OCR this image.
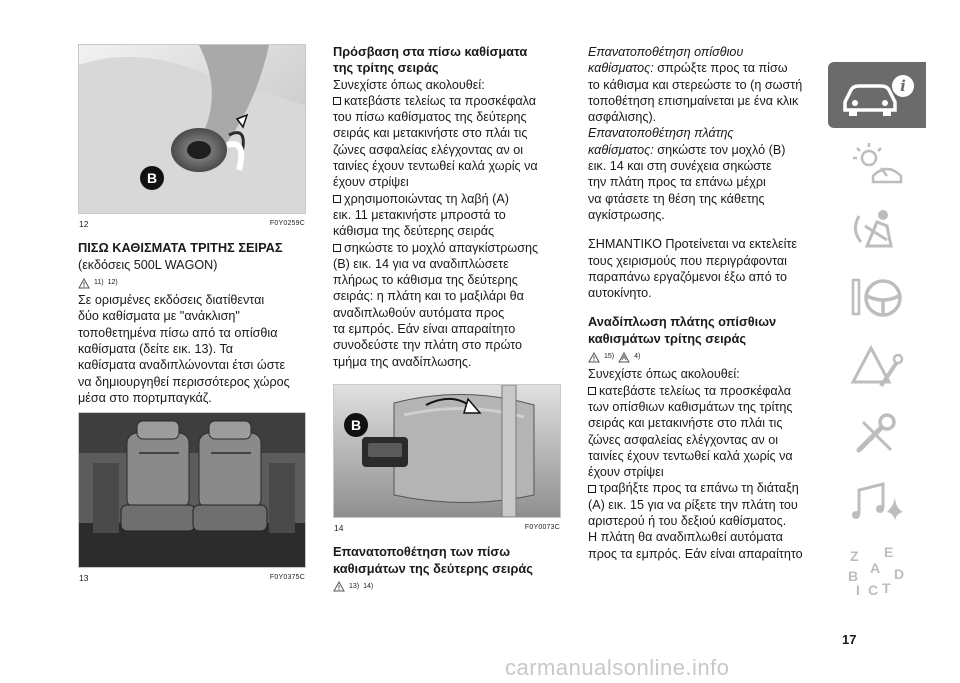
B
12	F0Y0259C
ΠΙΣΩ ΚΑΘΙΣΜΑΤΑ ΤΡΙΤΗΣ ΣΕΙΡΑΣ

(εκδόσεις 500L WAGON)

11) 12)

Σε ορισμένες εκδόσεις διατίθενται
δύο καθίσματα με "ανάκλιση"
τοποθετημένα πίσω από τα οπίσθια
καθίσματα (δείτε εικ. 13). Τα
καθίσματα αναδιπλώνονται έτσι ώστε
να δημιουργηθεί περισσότερος χώρος
μέσα στο πορτμπαγκάζ.

13	F0Y0375C
Πρόσβαση στα πίσω καθίσματα
της τρίτης σειράς

Συνεχίστε όπως ακολουθεί:

κατεβάστε τελείως τα προσκέφαλα
του πίσω καθίσματος της δεύτερης
σειράς και μετακινήστε στο πλάι τις
ζώνες ασφαλείας ελέγχοντας αν οι
ταινίες έχουν τεντωθεί καλά χωρίς να
έχουν στρίψει

χρησιμοποιώντας τη λαβή (A)
εικ. 11 μετακινήστε μπροστά το
κάθισμα της δεύτερης σειράς

σηκώστε το μοχλό απαγκίστρωσης
(B) εικ. 14 για να αναδιπλώσετε
πλήρως το κάθισμα της δεύτερης
σειράς: η πλάτη και το μαξιλάρι θα
αναδιπλωθούν αυτόματα προς
τα εμπρός. Εάν είναι απαραίτητο
συνοδεύστε την πλάτη στο πρώτο
τμήμα της αναδίπλωσης.

B
14	F0Y0073C
Επανατοποθέτηση των πίσω
καθισμάτων της δεύτερης σειράς
13) 14)

Επανατοποθέτηση οπίσθιου
καθίσματος: σπρώξτε προς τα πίσω
το κάθισμα και στερεώστε το (η σωστή
τοποθέτηση επισημαίνεται με ένα κλικ
ασφάλισης).

Επανατοποθέτηση πλάτης
καθίσματος: σηκώστε τον μοχλό (B)
εικ. 14 και στη συνέχεια σηκώστε
την πλάτη προς τα επάνω μέχρι
να φτάσετε τη θέση της κάθετης
αγκίστρωσης.

ΣΗΜΑΝΤΙΚΟ Προτείνεται να εκτελείτε
τους χειρισμούς που περιγράφονται
παραπάνω εργαζόμενοι έξω από το
αυτοκίνητο.

Αναδίπλωση πλάτης οπίσθιων
καθισμάτων τρίτης σειράς
15)	4)

Συνεχίστε όπως ακολουθεί:

κατεβάστε τελείως τα προσκέφαλα
των οπίσθιων καθισμάτων της τρίτης
σειράς και μετακινήστε στο πλάι τις
ζώνες ασφαλείας ελέγχοντας αν οι
ταινίες έχουν τεντωθεί καλά χωρίς να
έχουν στρίψει

τραβήξτε προς τα επάνω τη διάταξη
(A) εικ. 15 για να ρίξετε την πλάτη του
αριστερού ή του δεξιού καθίσματος.
Η πλάτη θα αναδιπλωθεί αυτόματα
προς τα εμπρός. Εάν είναι απαραίτητο

i
Z E
A
B	D
I C T
17
carmanualsonline.info
